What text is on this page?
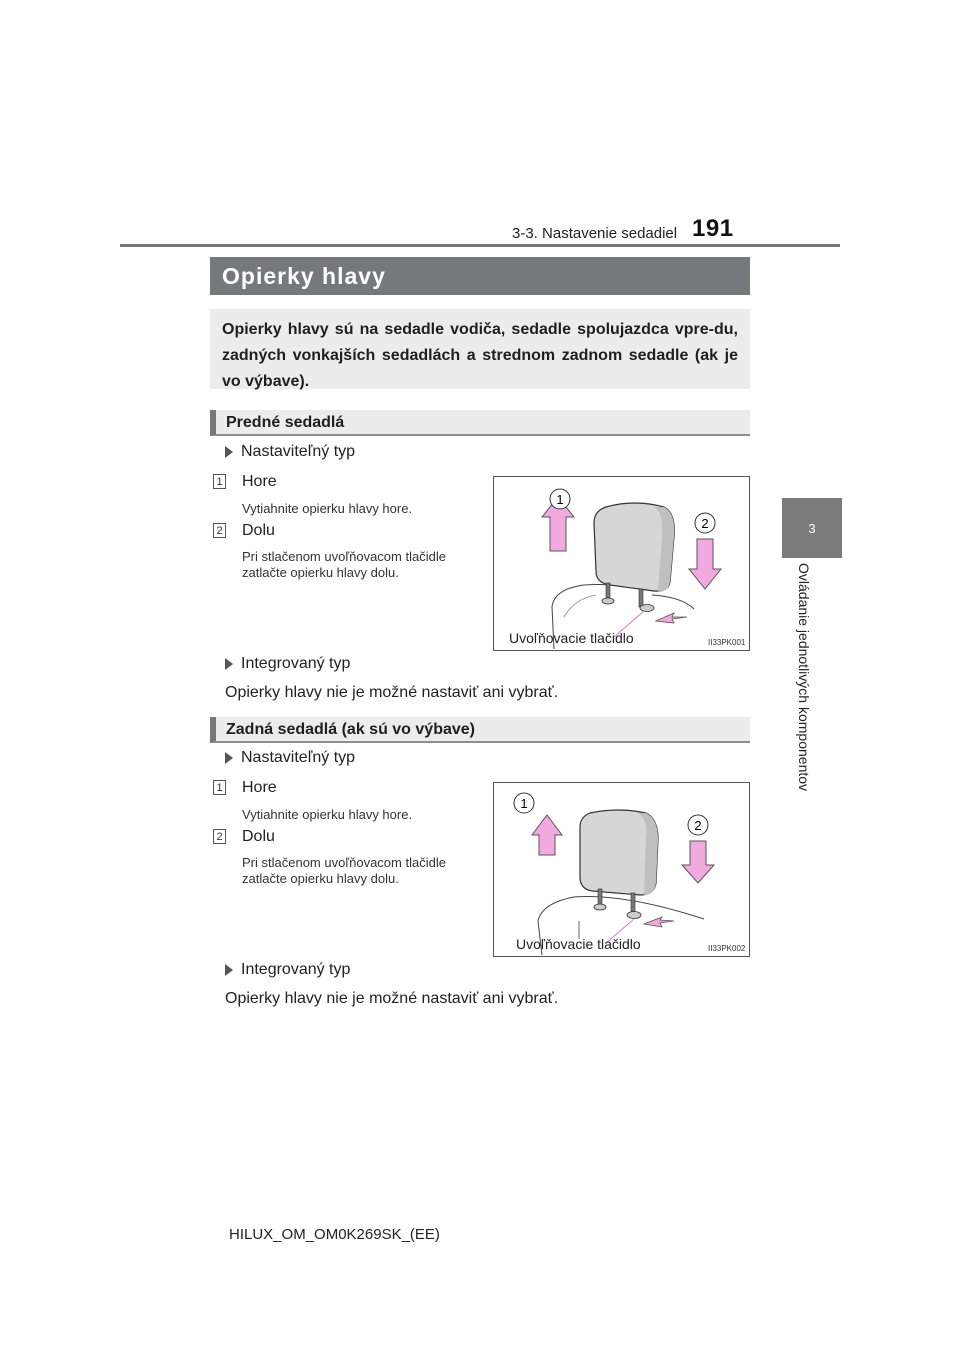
3-3. Nastavenie sedadiel 191
3
Ovládanie jednotlivých komponentov
Opierky hlavy
Opierky hlavy sú na sedadle vodiča, sedadle spolujazdca vpre-du, zadných vonkajších sedadlách a strednom zadnom sedadle (ak je vo výbave).
Predné sedadlá
Nastaviteľný typ
1 Hore
Vytiahnite opierku hlavy hore.
2 Dolu
Pri stlačenom uvoľňovacom tlačidle zatlačte opierku hlavy dolu.
1
2
Uvoľňovacie tlačidlo	II33PK001
Integrovaný typ
Opierky hlavy nie je možné nastaviť ani vybrať.
Zadná sedadlá (ak sú vo výbave)
Nastaviteľný typ
1 Hore
Vytiahnite opierku hlavy hore.
2 Dolu
Pri stlačenom uvoľňovacom tlačidle zatlačte opierku hlavy dolu.
1
2
Uvoľňovacie tlačidlo	II33PK002
Integrovaný typ
Opierky hlavy nie je možné nastaviť ani vybrať.
HILUX_OM_OM0K269SK_(EE)
